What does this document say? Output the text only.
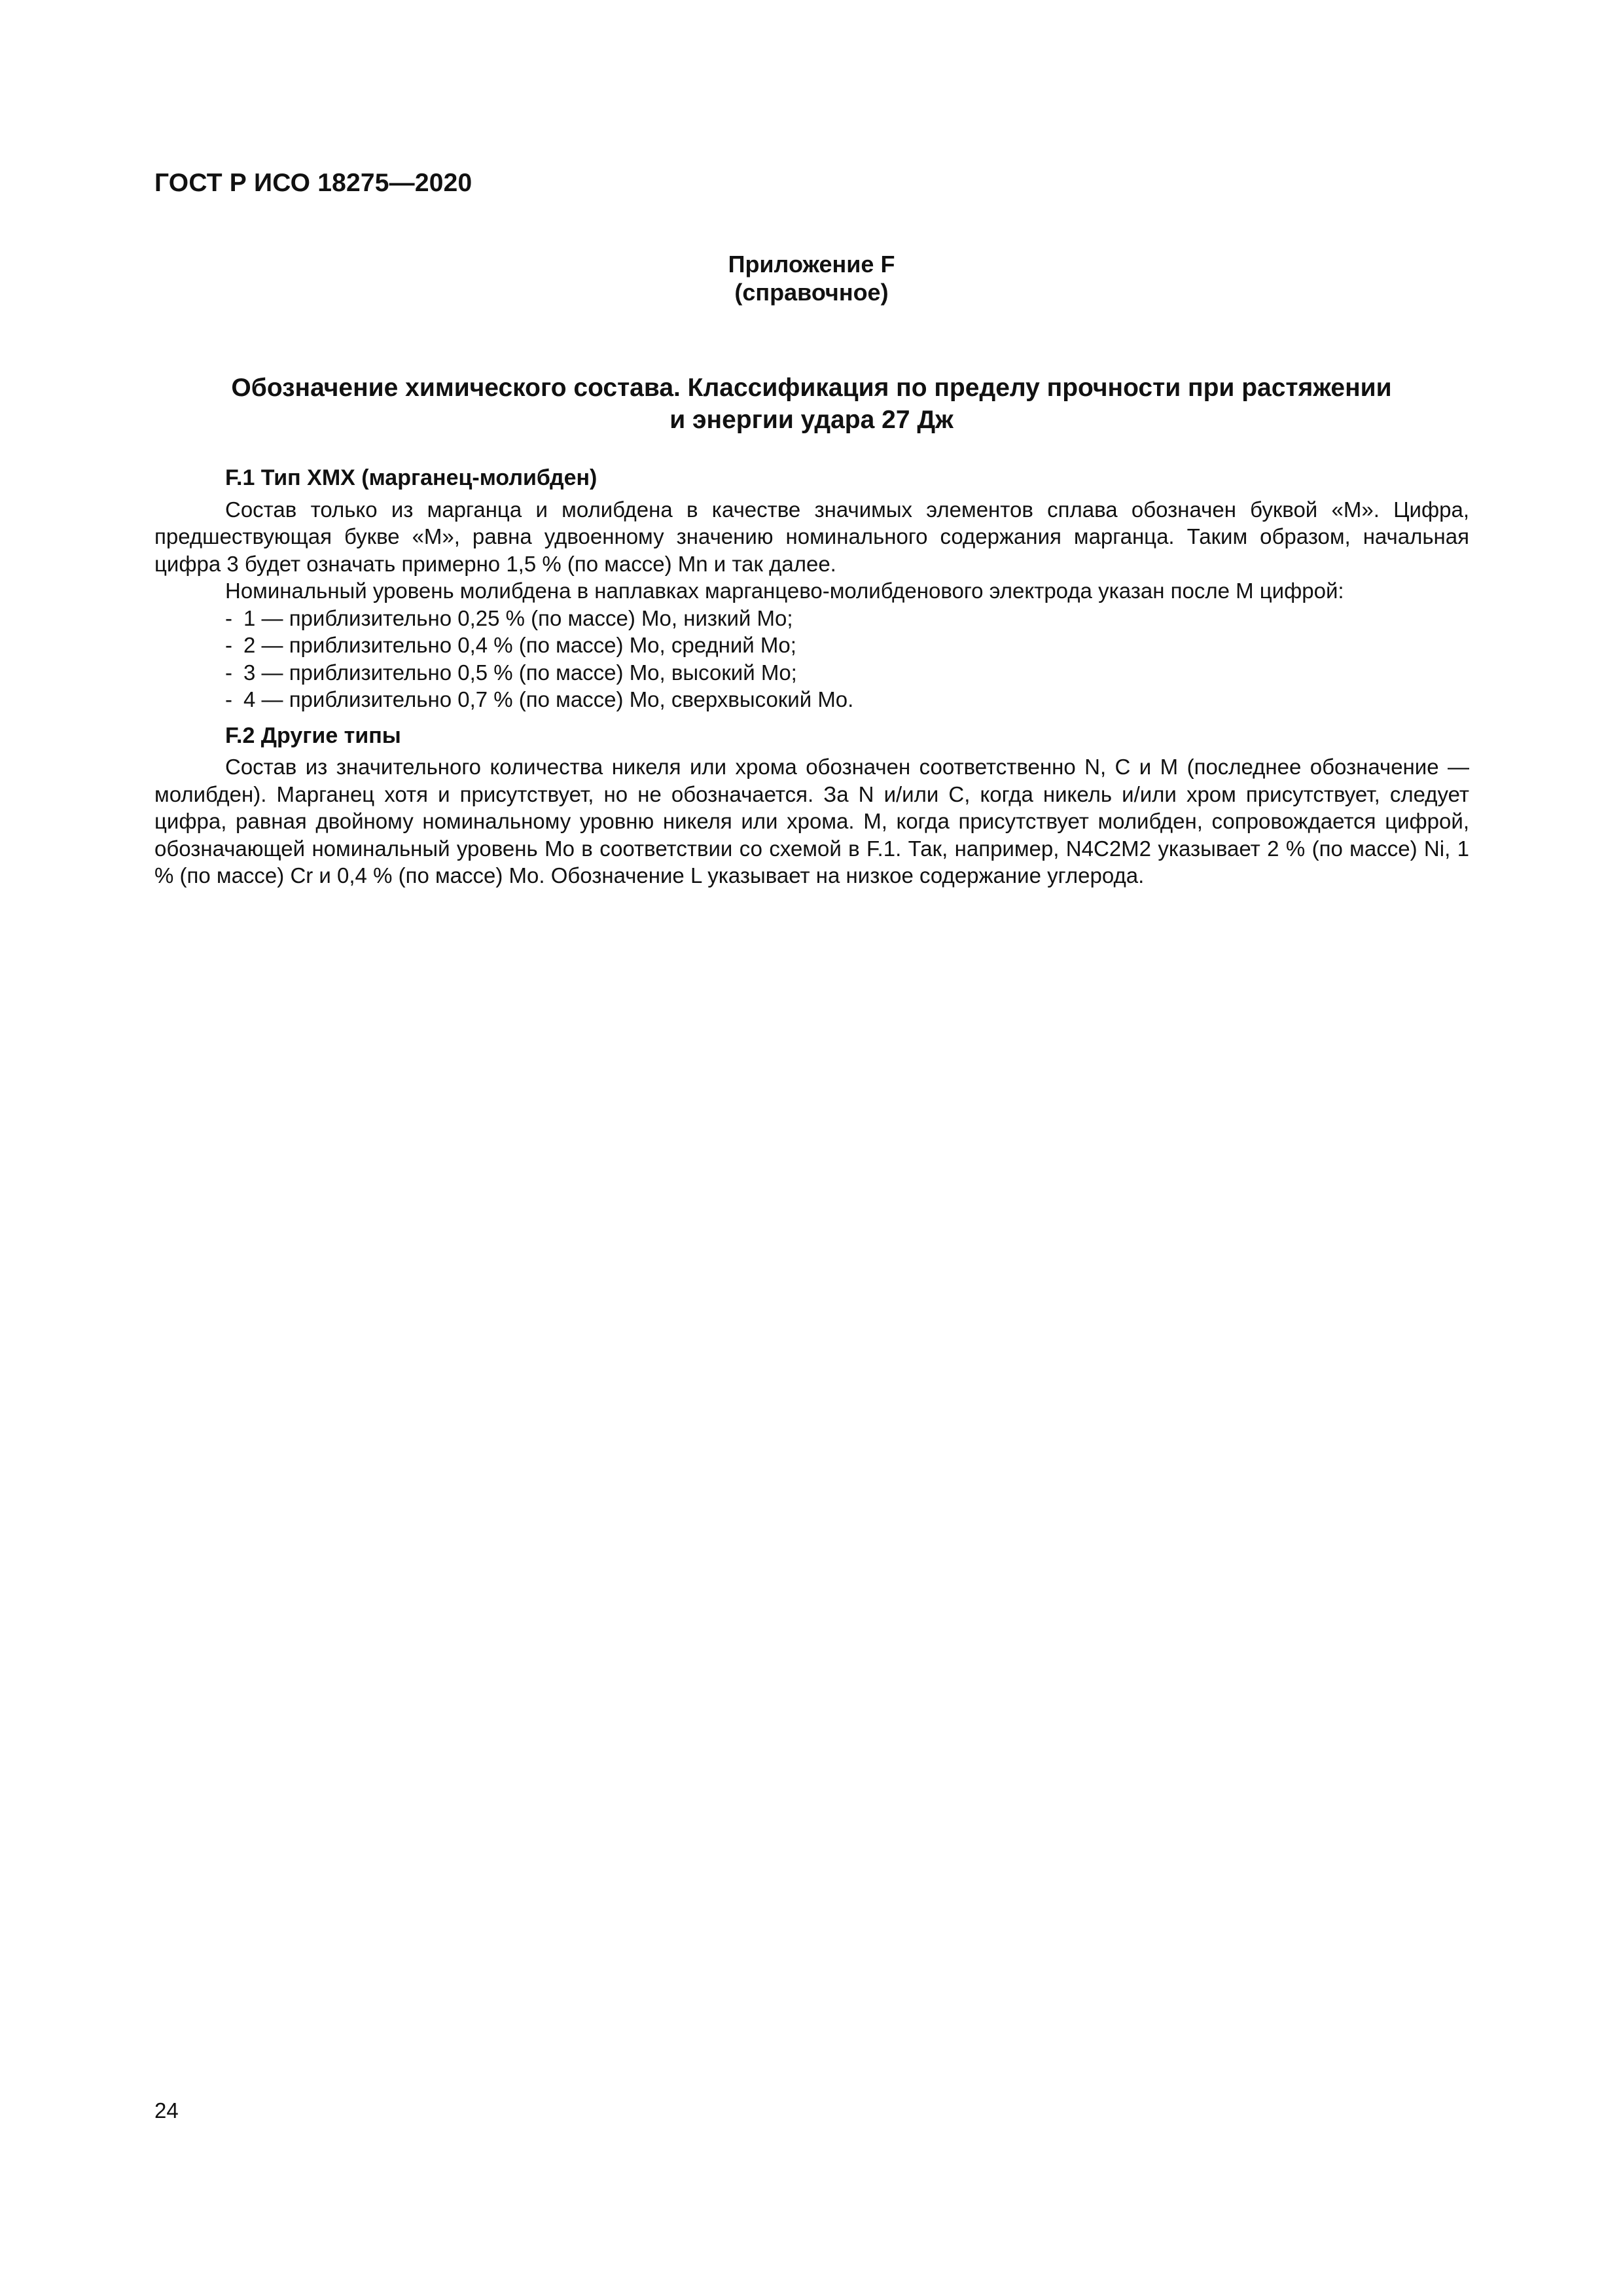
ГОСТ Р ИСО 18275—2020
Приложение F
(справочное)
Обозначение химического состава. Классификация по пределу прочности при растяжении
и энергии удара 27 Дж
F.1 Тип XMX (марганец-молибден)

Состав только из марганца и молибдена в качестве значимых элементов сплава обозначен буквой «М». Цифра, предшествующая букве «М», равна удвоенному значению номинального содержания марганца. Таким образом, начальная цифра 3 будет означать примерно 1,5 % (по массе) Mn и так далее.

Номинальный уровень молибдена в наплавках марганцево-молибденового электрода указан после М цифрой:

- 1 — приблизительно 0,25 % (по массе) Mo, низкий Mo;
- 2 — приблизительно 0,4 % (по массе) Mo, средний Mo;
- 3 — приблизительно 0,5 % (по массе) Mo, высокий Mo;
- 4 — приблизительно 0,7 % (по массе) Mo, сверхвысокий Mo.
F.2 Другие типы

Состав из значительного количества никеля или хрома обозначен соответственно N, С и М (последнее обозначение — молибден). Марганец хотя и присутствует, но не обозначается. За N и/или С, когда никель и/или хром присутствует, следует цифра, равная двойному номинальному уровню никеля или хрома. М, когда присутствует молибден, сопровождается цифрой, обозначающей номинальный уровень Mo в соответствии со схемой в F.1. Так, например, N4C2M2 указывает 2 % (по массе) Ni, 1 % (по массе) Cr и 0,4 % (по массе) Mo. Обозначение L указывает на низкое содержание углерода.

24
